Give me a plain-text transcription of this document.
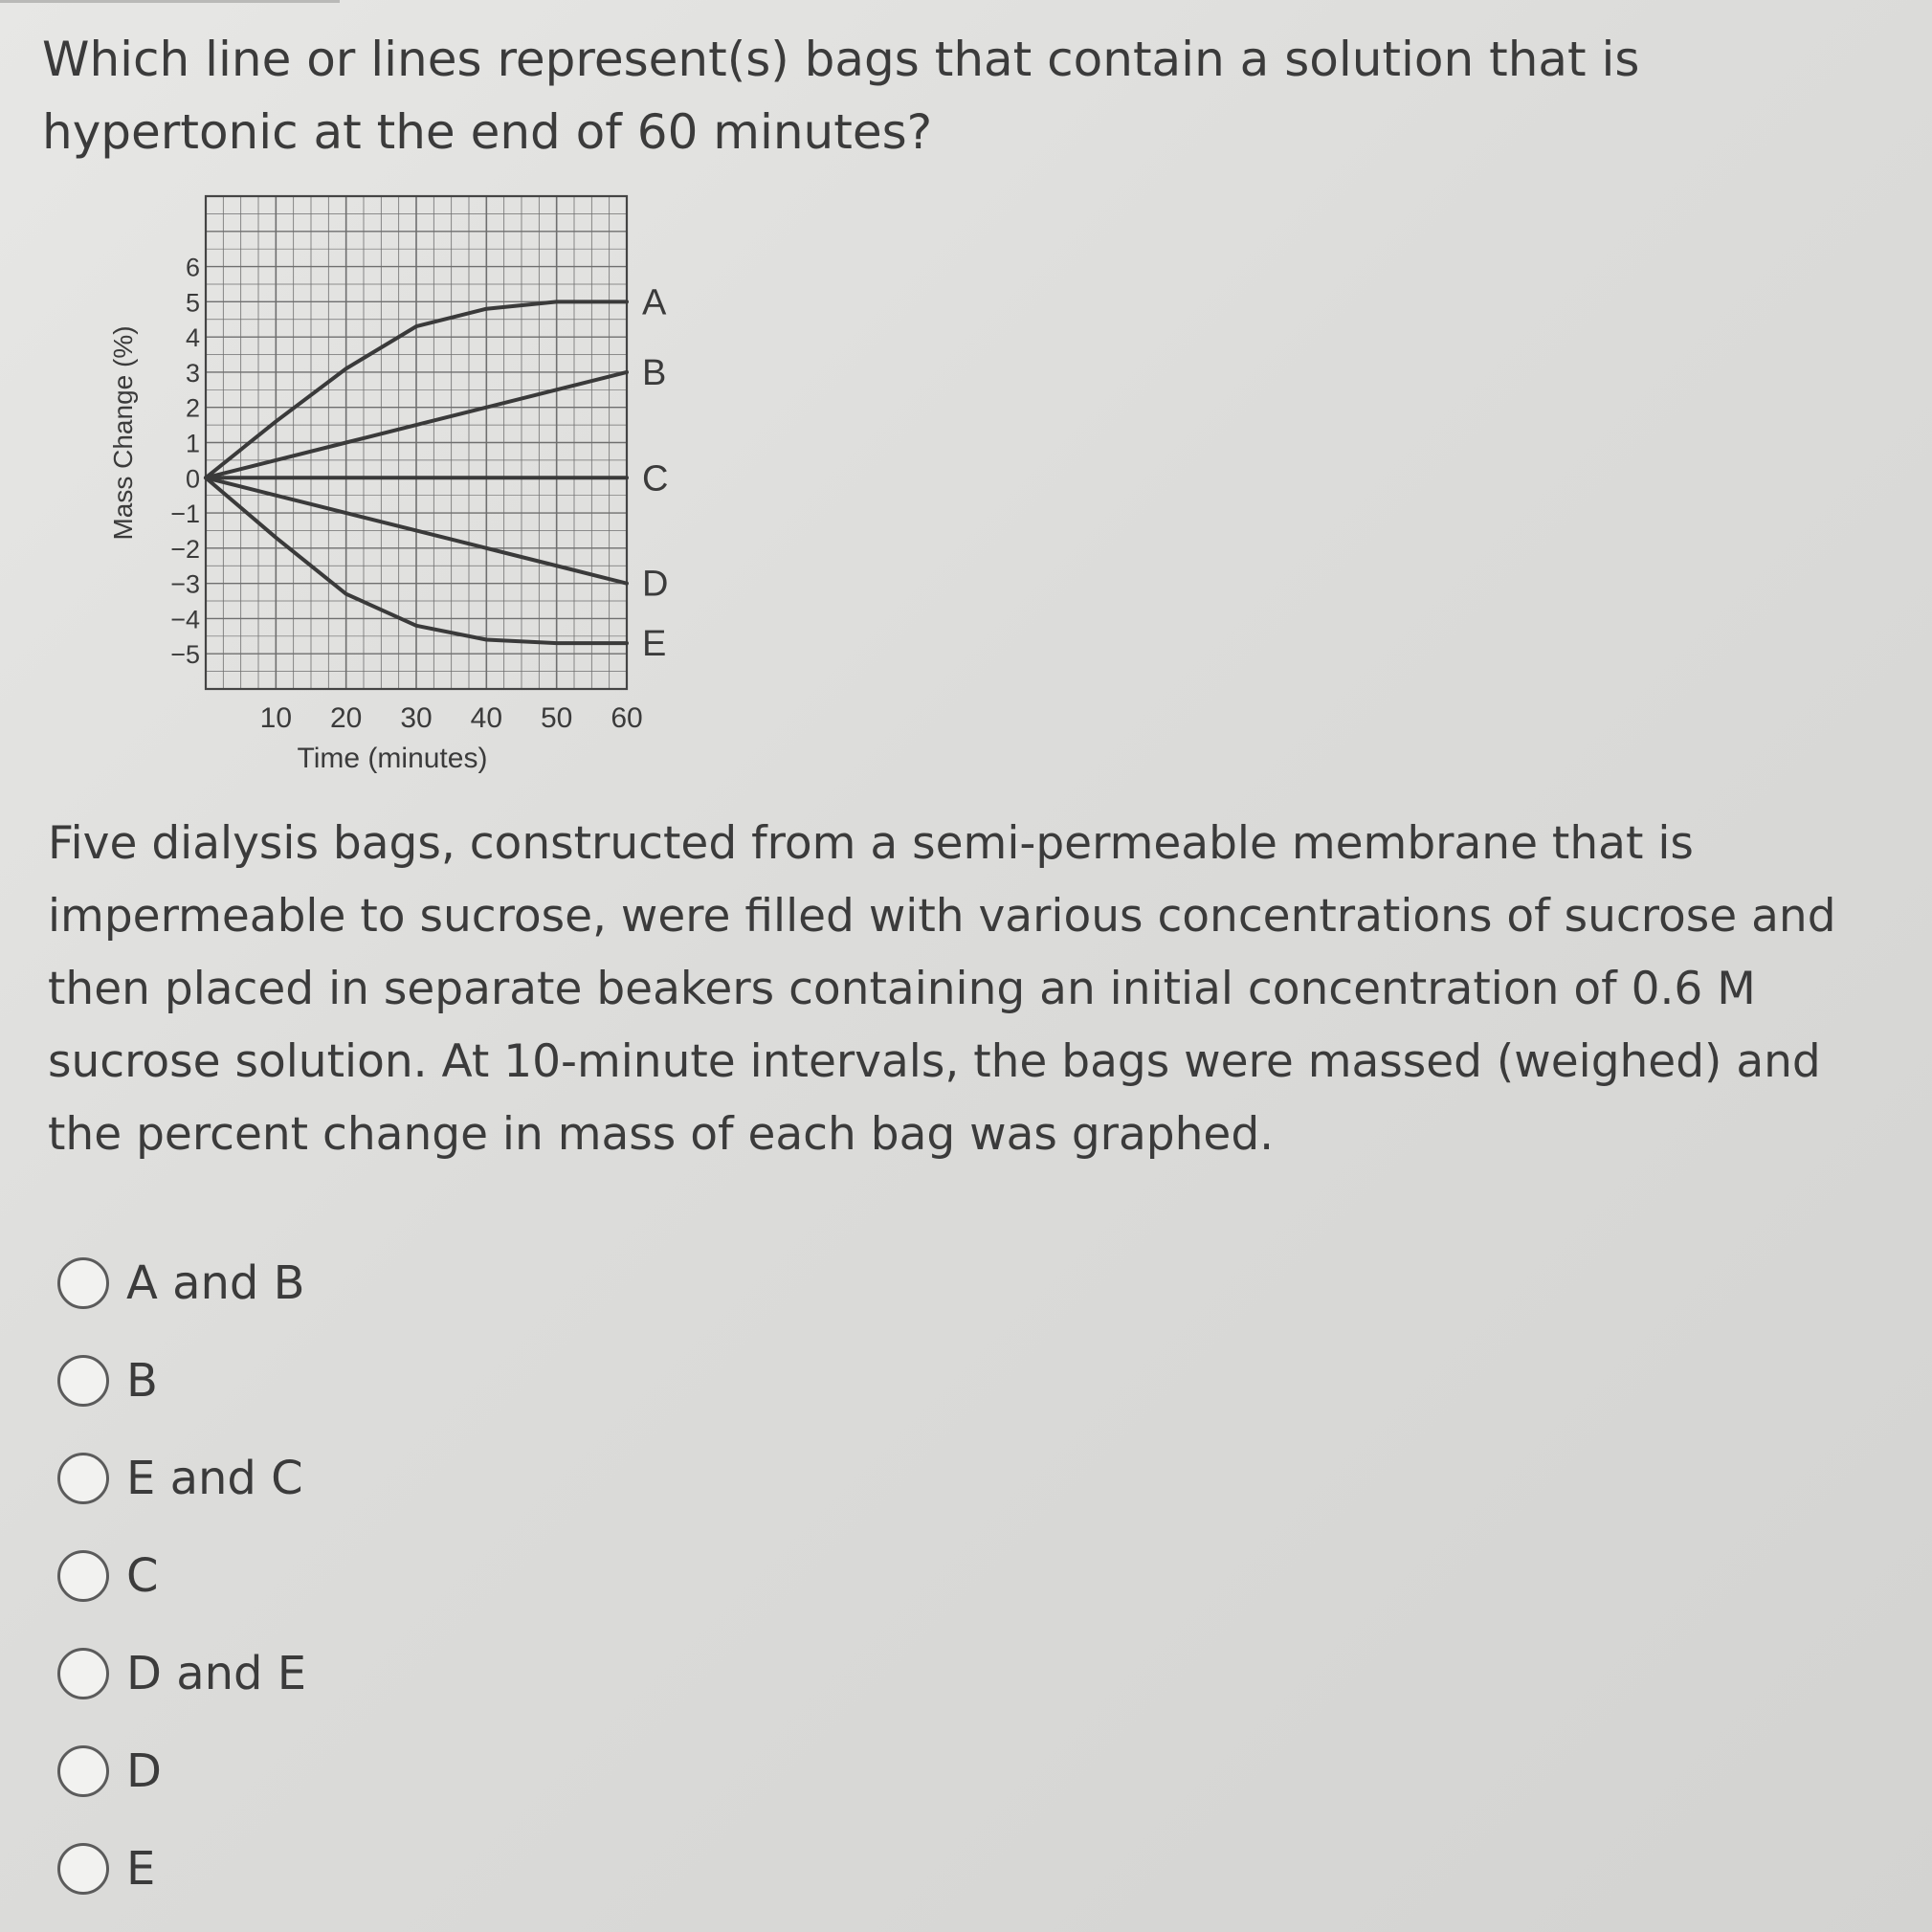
Which line or lines represent(s) bags that contain a solution that is hypertonic at the end of 60 minutes?
6
5
4
3
2
1
0
−1
−2
−3
−4
−5
10 20 30 40 50 60
Time (minutes)
Mass Change (%)
A
B
C
D
E
Five dialysis bags, constructed from a semi-permeable membrane that is impermeable to sucrose, were filled with various concentrations of sucrose and then placed in separate beakers containing an initial concentration of 0.6 M sucrose solution. At 10-minute intervals, the bags were massed (weighed) and the percent change in mass of each bag was graphed.
A and B
B
E and C
C
D and E
D
E
